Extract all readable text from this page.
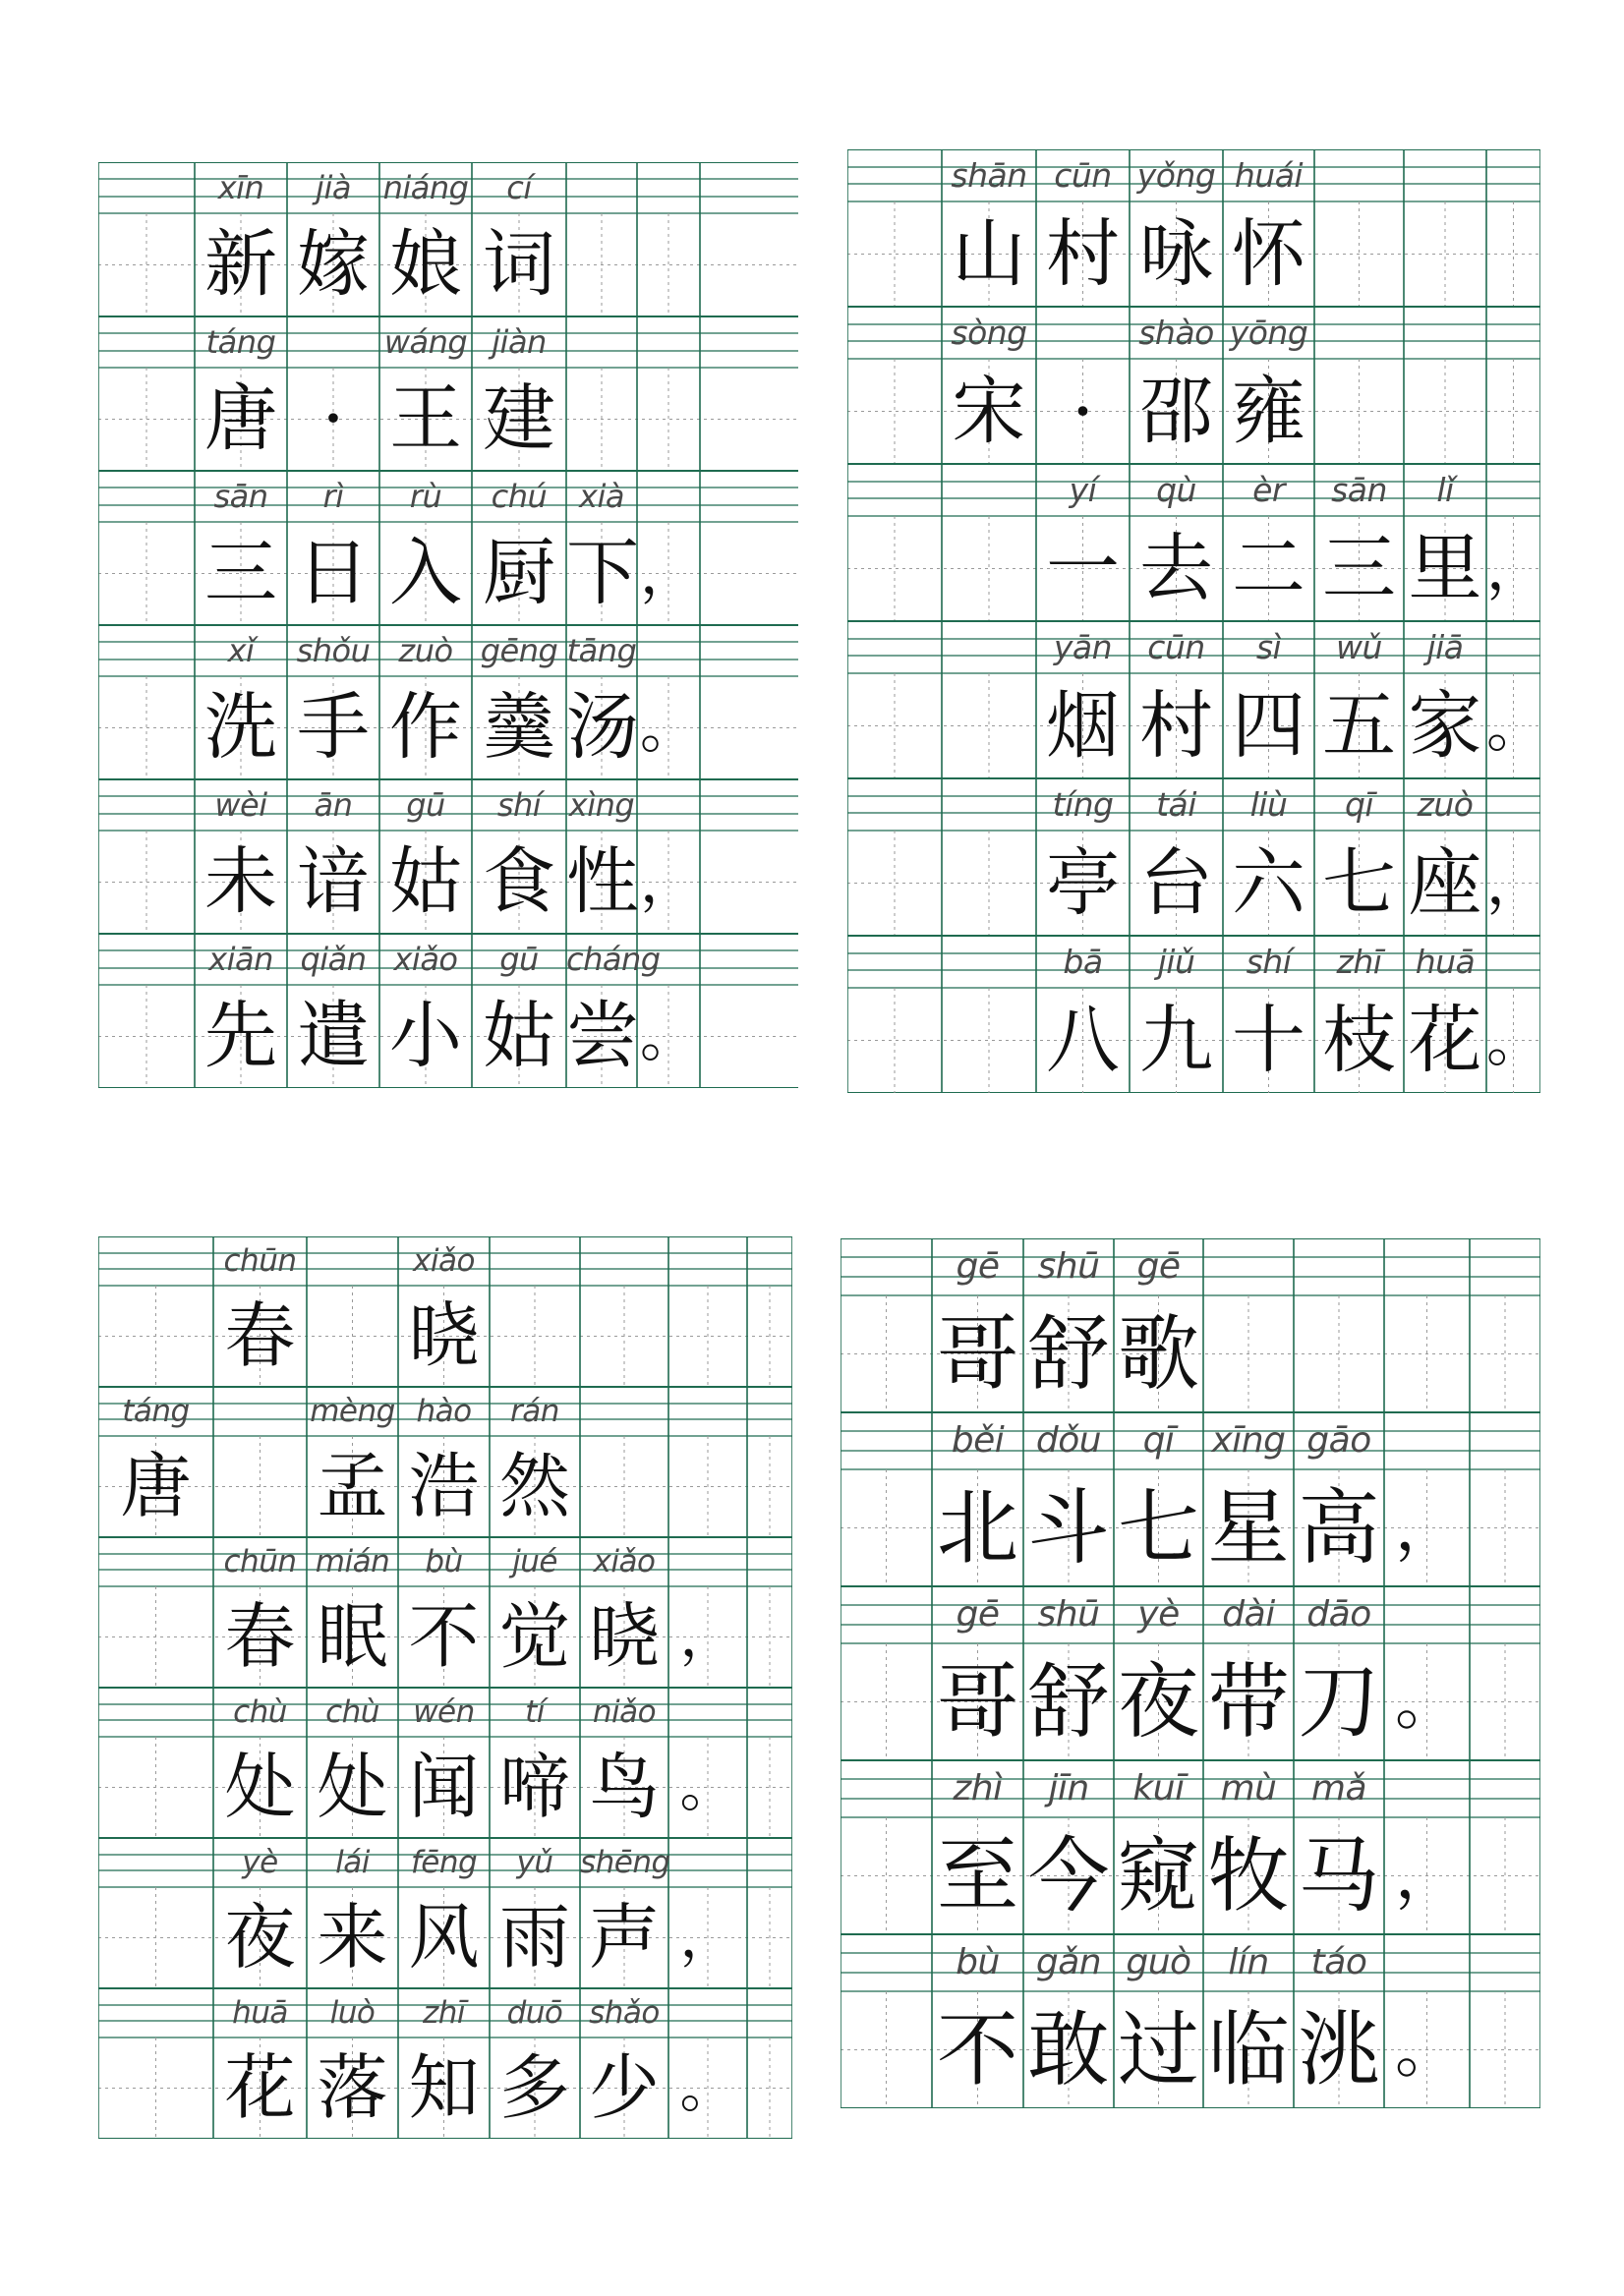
xīn
新
jià
嫁
niáng
娘
cí
词
táng
唐 ·
wáng
王
jiàn
建
sān
三
rì
日
rù
入
chú
厨
xià
下 ，
xǐ
洗
shǒu
手
zuò
作
gēng
羹
tāng
汤 。
wèi
未
ān
谙
gū
姑
shí
食
xìng
性 ，
xiān
先
qiǎn
遣
xiǎo
小
gū
姑
cháng
尝 。
shān
山
cūn
村
yǒng
咏
huái
怀
sòng
宋 ·
shào
邵
yōng
雍
yí
一
qù
去
èr
二
sān
三
lǐ
里 ，
yān
烟
cūn
村
sì
四
wǔ
五
jiā
家 。
tíng
亭
tái
台
liù
六
qī
七
zuò
座 ，
bā
八
jiǔ
九
shí
十
zhī
枝
huā
花 。
chūn
春
xiǎo
晓
táng
唐
mèng
孟
hào
浩
rán
然
chūn
春
mián
眠
bù
不
jué
觉
xiǎo
晓 ，
chù
处
chù
处
wén
闻
tí
啼
niǎo
鸟 。
yè
夜
lái
来
fēng
风
yǔ
雨
shēng
声 ，
huā
花
luò
落
zhī
知
duō
多
shǎo
少 。
gē
哥
shū
舒
gē
歌
běi
北
dǒu
斗
qī
七
xīng
星
gāo
高 ，
gē
哥
shū
舒
yè
夜
dài
带
dāo
刀 。
zhì
至
jīn
今
kuī
窥
mù
牧
mǎ
马 ，
bù
不
gǎn
敢
guò
过
lín
临
táo
洮 。
